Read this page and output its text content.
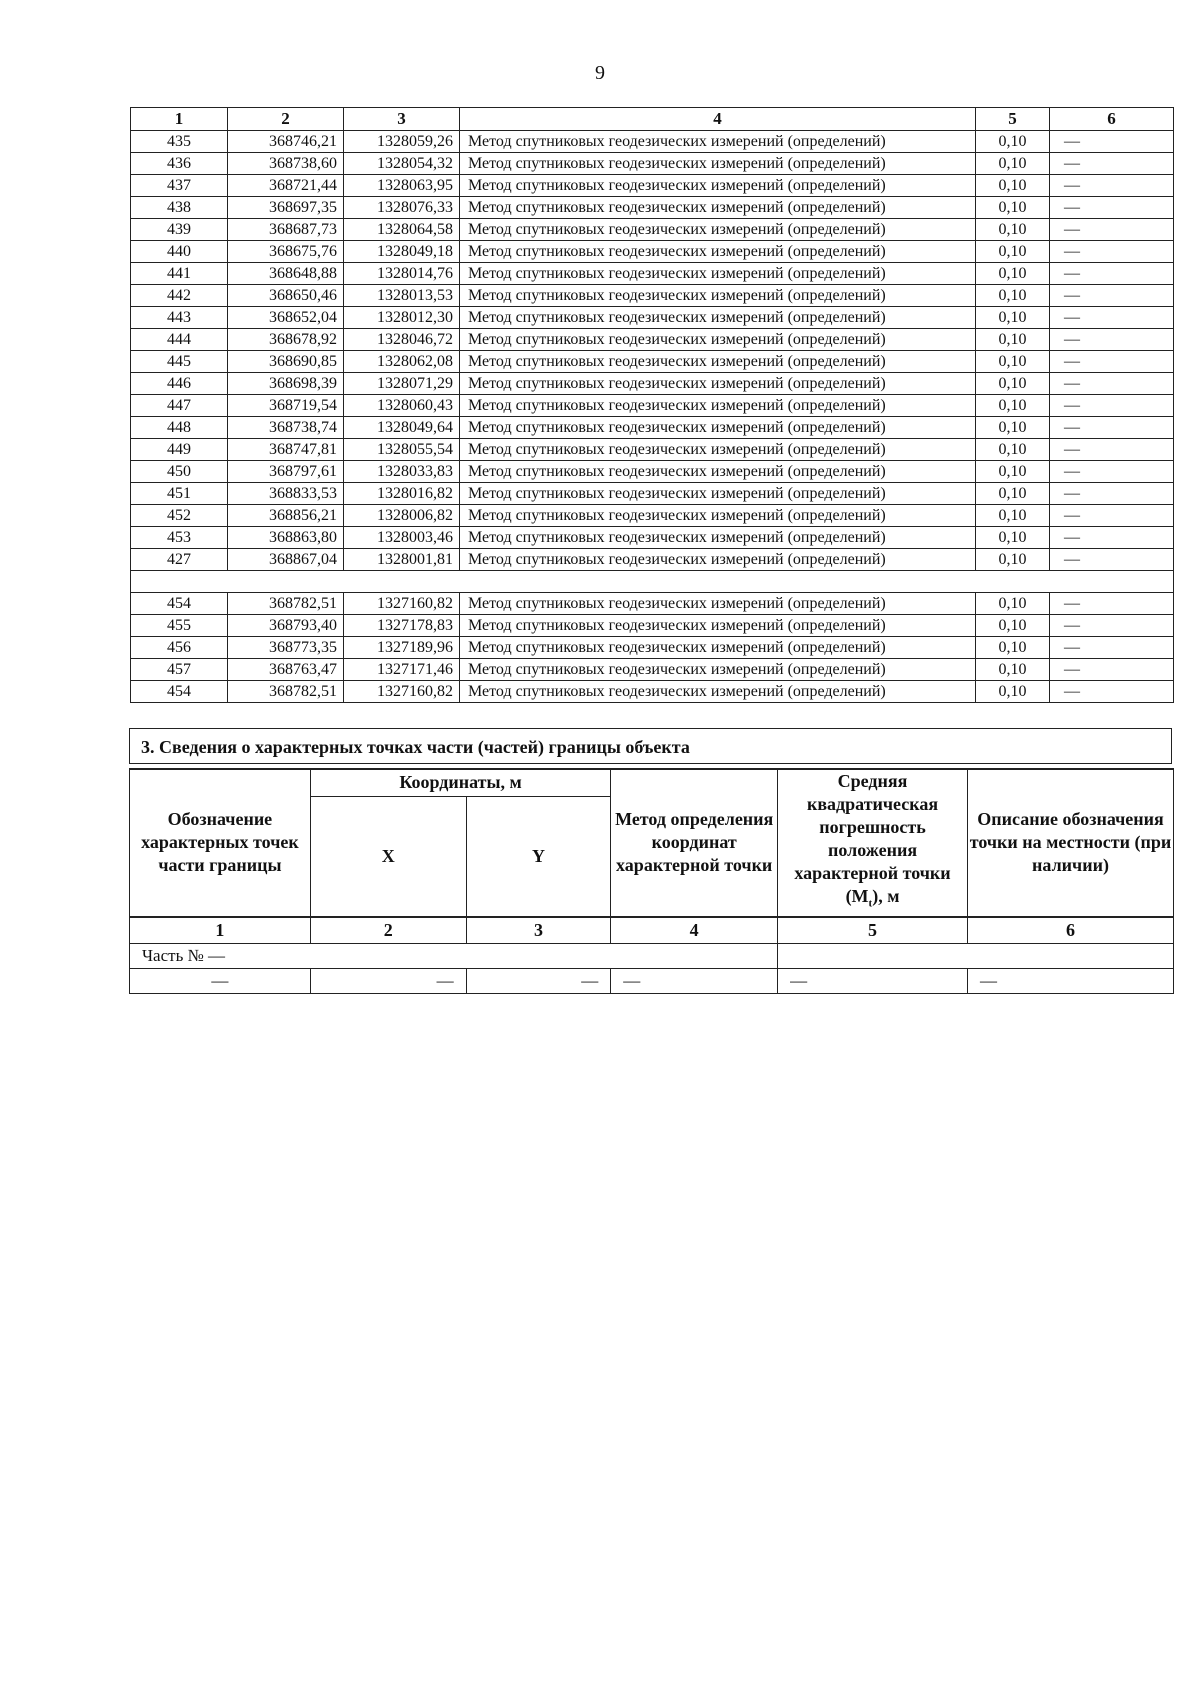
9
1	2	3	4	5	6
435	368746,21	1328059,26	Метод спутниковых геодезических измерений (определений)	0,10	—
436	368738,60	1328054,32	Метод спутниковых геодезических измерений (определений)	0,10	—
437	368721,44	1328063,95	Метод спутниковых геодезических измерений (определений)	0,10	—
438	368697,35	1328076,33	Метод спутниковых геодезических измерений (определений)	0,10	—
439	368687,73	1328064,58	Метод спутниковых геодезических измерений (определений)	0,10	—
440	368675,76	1328049,18	Метод спутниковых геодезических измерений (определений)	0,10	—
441	368648,88	1328014,76	Метод спутниковых геодезических измерений (определений)	0,10	—
442	368650,46	1328013,53	Метод спутниковых геодезических измерений (определений)	0,10	—
443	368652,04	1328012,30	Метод спутниковых геодезических измерений (определений)	0,10	—
444	368678,92	1328046,72	Метод спутниковых геодезических измерений (определений)	0,10	—
445	368690,85	1328062,08	Метод спутниковых геодезических измерений (определений)	0,10	—
446	368698,39	1328071,29	Метод спутниковых геодезических измерений (определений)	0,10	—
447	368719,54	1328060,43	Метод спутниковых геодезических измерений (определений)	0,10	—
448	368738,74	1328049,64	Метод спутниковых геодезических измерений (определений)	0,10	—
449	368747,81	1328055,54	Метод спутниковых геодезических измерений (определений)	0,10	—
450	368797,61	1328033,83	Метод спутниковых геодезических измерений (определений)	0,10	—
451	368833,53	1328016,82	Метод спутниковых геодезических измерений (определений)	0,10	—
452	368856,21	1328006,82	Метод спутниковых геодезических измерений (определений)	0,10	—
453	368863,80	1328003,46	Метод спутниковых геодезических измерений (определений)	0,10	—
427	368867,04	1328001,81	Метод спутниковых геодезических измерений (определений)	0,10	—

454	368782,51	1327160,82	Метод спутниковых геодезических измерений (определений)	0,10	—
455	368793,40	1327178,83	Метод спутниковых геодезических измерений (определений)	0,10	—
456	368773,35	1327189,96	Метод спутниковых геодезических измерений (определений)	0,10	—
457	368763,47	1327171,46	Метод спутниковых геодезических измерений (определений)	0,10	—
454	368782,51	1327160,82	Метод спутниковых геодезических измерений (определений)	0,10	—
3. Сведения о характерных точках части (частей) границы объекта
Обозначение характерных точек части границы	Координаты, м		Метод определения координат характерной точки	Средняя квадратическая погрешность положения характерной точки $(M_t)$, м	Описание обозначения точки на местности (при наличии)
	X	Y			
1	2	3	4	5	6
Часть № —					
—	—	—	—	—	—
